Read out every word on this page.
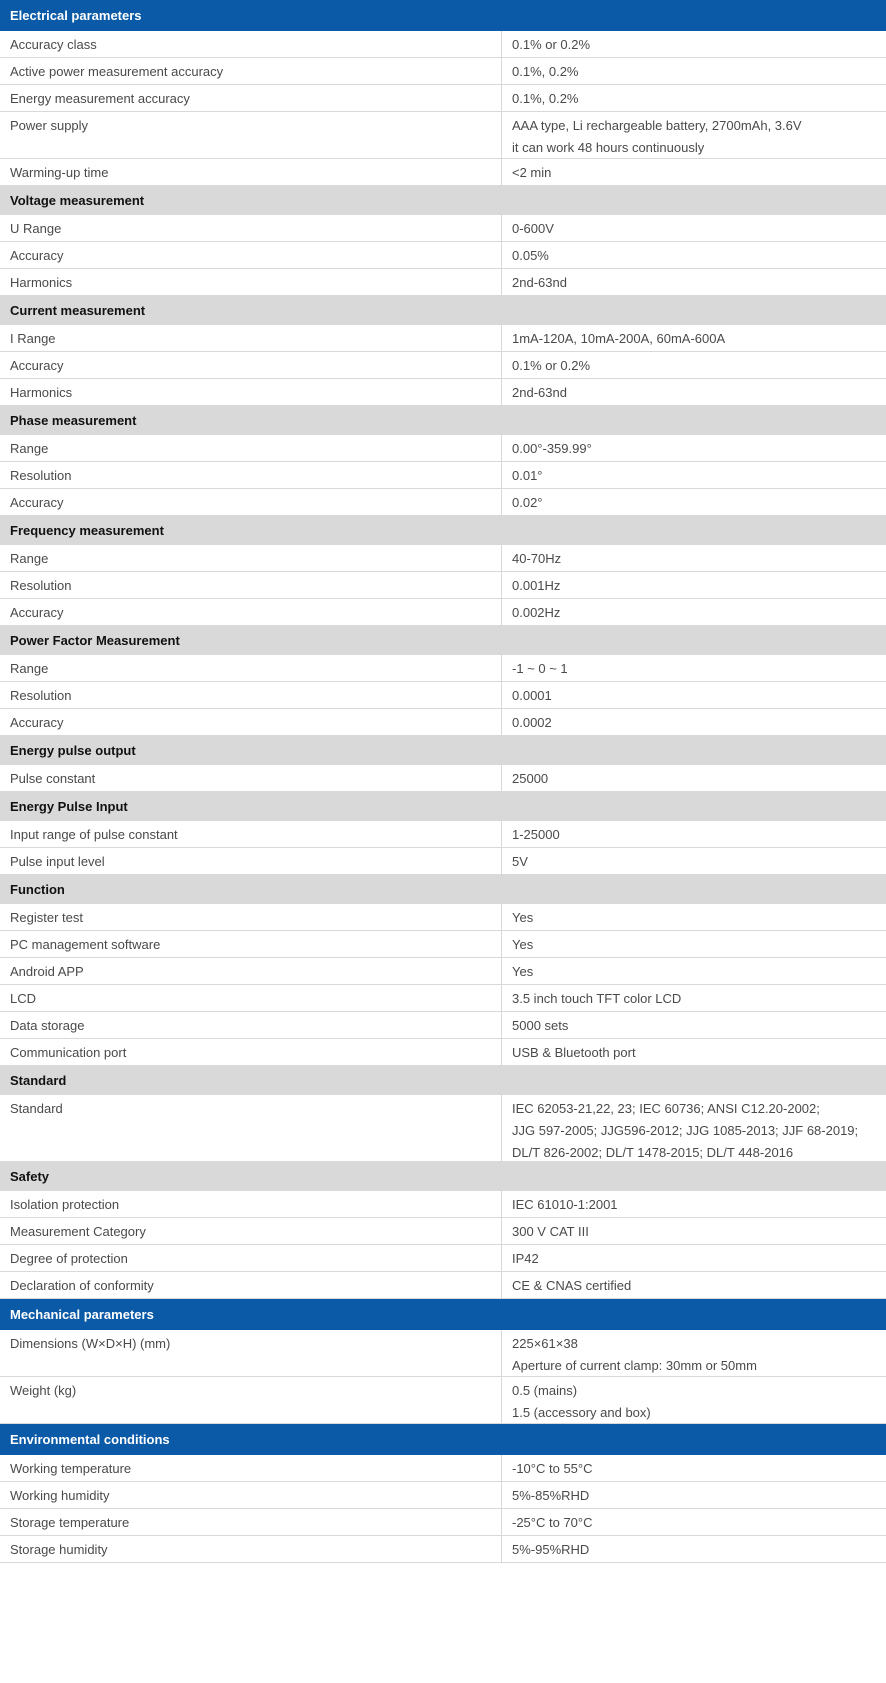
Electrical parameters
Accuracy class	0.1% or 0.2%
Active power measurement accuracy	0.1%, 0.2%
Energy measurement accuracy	0.1%, 0.2%
Power supply	AAA type, Li rechargeable battery, 2700mAh, 3.6V
it can work 48 hours continuously
Warming-up time	<2 min
Voltage measurement
U Range	0-600V
Accuracy	0.05%
Harmonics	2nd-63nd
Current measurement
I Range	1mA-120A, 10mA-200A, 60mA-600A
Accuracy	0.1% or 0.2%
Harmonics	2nd-63nd
Phase measurement
Range	0.00°-359.99°
Resolution	0.01°
Accuracy	0.02°
Frequency measurement
Range	40-70Hz
Resolution	0.001Hz
Accuracy	0.002Hz
Power Factor Measurement
Range	-1 ~ 0 ~ 1
Resolution	0.0001
Accuracy	0.0002
Energy pulse output
Pulse constant	25000
Energy Pulse Input
Input range of pulse constant	1-25000
Pulse input level	5V
Function
Register test	Yes
PC management software	Yes
Android APP	Yes
LCD	3.5 inch touch TFT color LCD
Data storage	5000 sets
Communication port	USB & Bluetooth port
Standard
Standard	IEC 62053-21,22, 23; IEC 60736; ANSI C12.20-2002;
JJG 597-2005; JJG596-2012; JJG 1085-2013; JJF 68-2019;
DL/T 826-2002; DL/T 1478-2015; DL/T 448-2016
Safety
Isolation protection	IEC 61010-1:2001
Measurement Category	300 V CAT III
Degree of protection	IP42
Declaration of conformity	CE & CNAS certified
Mechanical parameters
Dimensions (W×D×H) (mm)	225×61×38
Aperture of current clamp: 30mm or 50mm
Weight (kg)	0.5 (mains)
1.5 (accessory and box)
Environmental conditions
Working temperature	-10°C to 55°C
Working humidity	5%-85%RHD
Storage temperature	-25°C to 70°C
Storage humidity	5%-95%RHD
